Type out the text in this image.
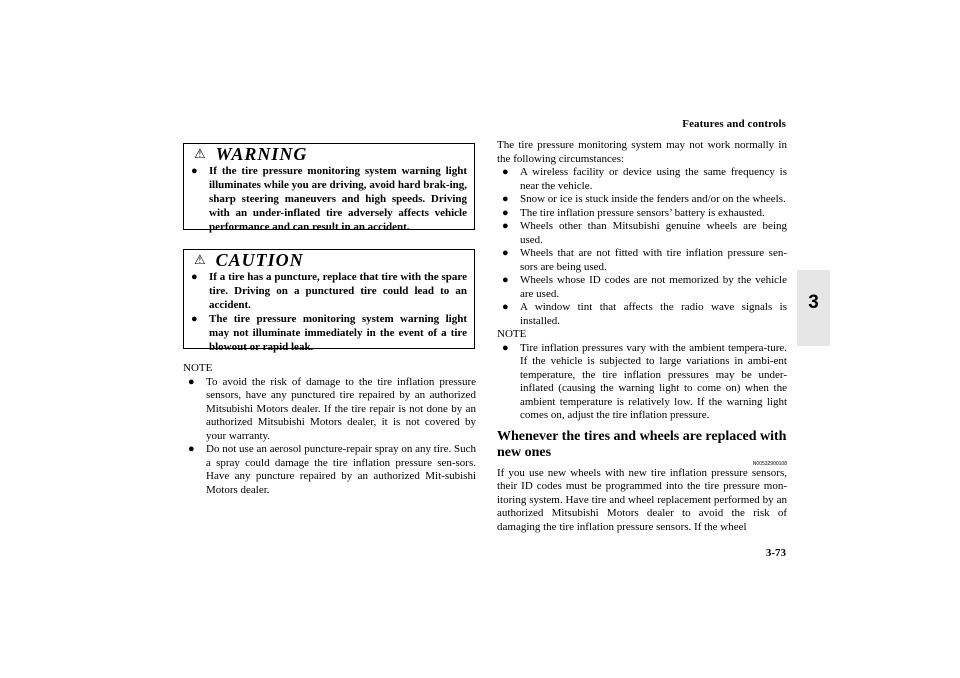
Features and controls
3
⚠ WARNING
●	If the tire pressure monitoring system warning light illuminates while you are driving, avoid hard brak-ing, sharp steering maneuvers and high speeds. Driving with an under-inflated tire adversely affects vehicle performance and can result in an accident.
⚠ CAUTION
●	If a tire has a puncture, replace that tire with the spare tire. Driving on a punctured tire could lead to an accident.
●	The tire pressure monitoring system warning light may not illuminate immediately in the event of a tire blowout or rapid leak.
NOTE
●	To avoid the risk of damage to the tire inflation pressure sensors, have any punctured tire repaired by an authorized Mitsubishi Motors dealer. If the tire repair is not done by an authorized Mitsubishi Motors dealer, it is not covered by your warranty.
●	Do not use an aerosol puncture-repair spray on any tire. Such a spray could damage the tire inflation pressure sen-sors. Have any puncture repaired by an authorized Mit-subishi Motors dealer.
The tire pressure monitoring system may not work normally in the following circumstances:
●	A wireless facility or device using the same frequency is near the vehicle.
●	Snow or ice is stuck inside the fenders and/or on the wheels.
●	The tire inflation pressure sensors’ battery is exhausted.
●	Wheels other than Mitsubishi genuine wheels are being used.
●	Wheels that are not fitted with tire inflation pressure sen-sors are being used.
●	Wheels whose ID codes are not memorized by the vehicle are used.
●	A window tint that affects the radio wave signals is installed.
NOTE
●	Tire inflation pressures vary with the ambient tempera-ture. If the vehicle is subjected to large variations in ambi-ent temperature, the tire inflation pressures may be under-inflated (causing the warning light to come on) when the ambient temperature is relatively low. If the warning light comes on, adjust the tire inflation pressure.
Whenever the tires and wheels are replaced with new ones
N00532900108
If you use new wheels with new tire inflation pressure sensors, their ID codes must be programmed into the tire pressure mon-itoring system. Have tire and wheel replacement performed by an authorized Mitsubishi Motors dealer to avoid the risk of damaging the tire inflation pressure sensors. If the wheel
3-73
